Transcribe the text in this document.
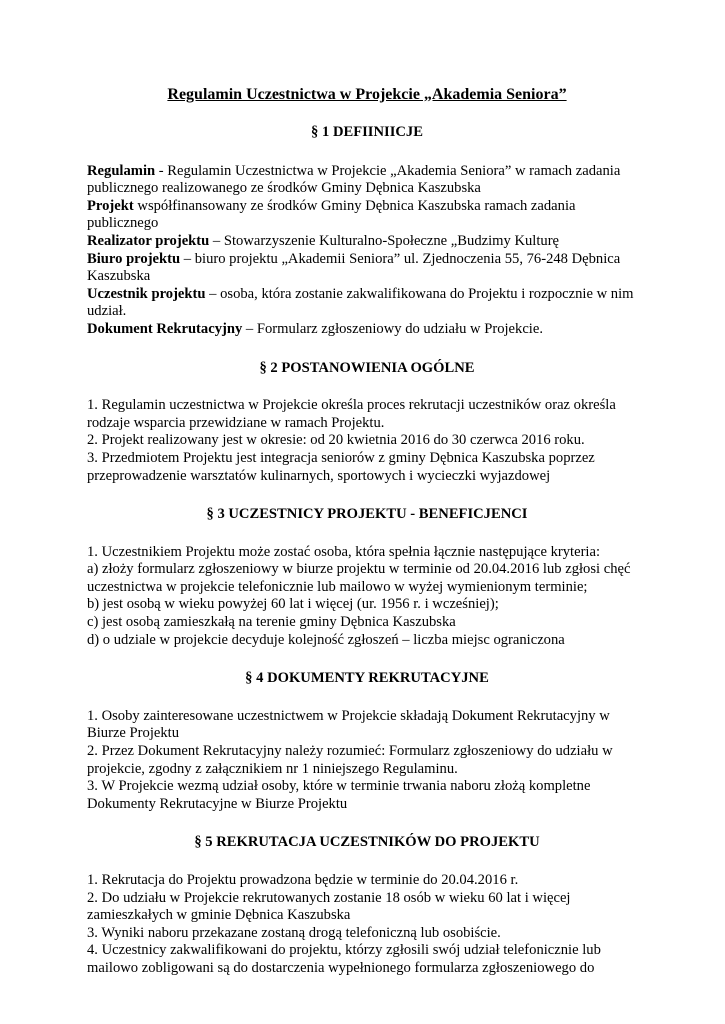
Regulamin Uczestnictwa w Projekcie „Akademia Seniora”
§ 1 DEFIINIICJE

Regulamin - Regulamin Uczestnictwa w Projekcie „Akademia Seniora” w ramach zadania publicznego realizowanego ze środków Gminy Dębnica Kaszubska

Projekt współfinansowany ze środków Gminy Dębnica Kaszubska ramach zadania publicznego

Realizator projektu – Stowarzyszenie Kulturalno-Społeczne „Budzimy Kulturę

Biuro projektu – biuro projektu „Akademii Seniora” ul. Zjednoczenia 55, 76-248 Dębnica Kaszubska

Uczestnik projektu – osoba, która zostanie zakwalifikowana do Projektu i rozpocznie w nim udział.

Dokument Rekrutacyjny – Formularz zgłoszeniowy do udziału w Projekcie.

§ 2 POSTANOWIENIA OGÓLNE

1. Regulamin uczestnictwa w Projekcie określa proces rekrutacji uczestników oraz określa rodzaje wsparcia przewidziane w ramach Projektu.

2. Projekt realizowany jest w okresie: od 20 kwietnia 2016 do 30 czerwca 2016 roku.

3. Przedmiotem Projektu jest integracja seniorów z gminy Dębnica Kaszubska poprzez przeprowadzenie warsztatów kulinarnych, sportowych i wycieczki wyjazdowej

§ 3 UCZESTNICY PROJEKTU - BENEFICJENCI

1. Uczestnikiem Projektu może zostać osoba, która spełnia łącznie następujące kryteria:

a) złoży formularz zgłoszeniowy w biurze projektu w terminie od 20.04.2016 lub zgłosi chęć uczestnictwa w projekcie telefonicznie lub mailowo w wyżej wymienionym terminie;

b) jest osobą w wieku powyżej 60 lat i więcej (ur. 1956 r. i wcześniej);

c) jest osobą zamieszkałą na terenie gminy Dębnica Kaszubska

d) o udziale w projekcie decyduje kolejność zgłoszeń – liczba miejsc ograniczona

§ 4 DOKUMENTY REKRUTACYJNE

1. Osoby zainteresowane uczestnictwem w Projekcie składają Dokument Rekrutacyjny w Biurze Projektu

2. Przez Dokument Rekrutacyjny należy rozumieć: Formularz zgłoszeniowy do udziału w projekcie, zgodny z załącznikiem nr 1 niniejszego Regulaminu.

3. W Projekcie wezmą udział osoby, które w terminie trwania naboru złożą kompletne Dokumenty Rekrutacyjne w Biurze Projektu

§ 5 REKRUTACJA UCZESTNIKÓW DO PROJEKTU

1. Rekrutacja do Projektu prowadzona będzie w terminie do 20.04.2016 r.

2. Do udziału w Projekcie rekrutowanych zostanie 18 osób w wieku 60 lat i więcej zamieszkałych w gminie Dębnica Kaszubska

3. Wyniki naboru przekazane zostaną drogą telefoniczną lub osobiście.

4. Uczestnicy zakwalifikowani do projektu, którzy zgłosili swój udział telefonicznie lub mailowo zobligowani są do dostarczenia wypełnionego formularza zgłoszeniowego do
